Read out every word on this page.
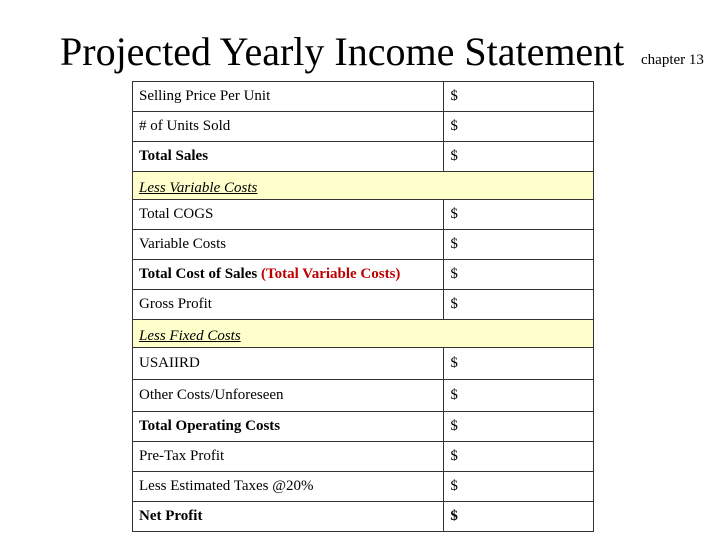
Projected Yearly Income Statement chapter 13
Selling Price Per Unit	$
# of Units Sold	$
Total Sales	$
Less Variable Costs	
Total COGS	$
Variable Costs	$
Total Cost of Sales (Total Variable Costs)	$
Gross Profit	$
Less Fixed Costs	
USAIIRD	$
Other Costs/Unforeseen	$
Total Operating Costs	$
Pre-Tax Profit	$
Less Estimated Taxes @20%	$
Net Profit	$
